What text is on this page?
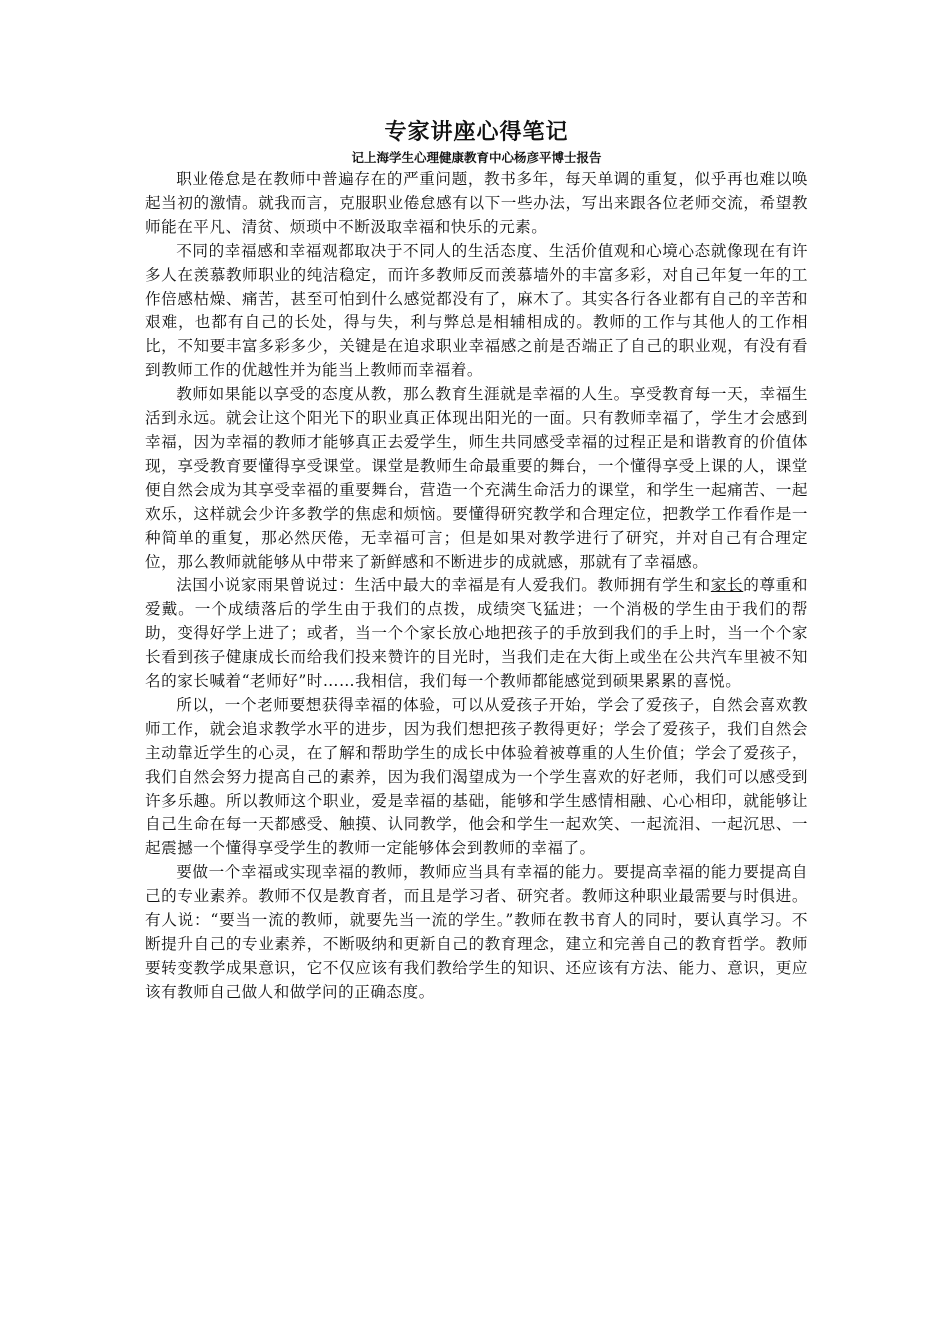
专家讲座心得笔记

记上海学生心理健康教育中心杨彦平博士报告

职业倦怠是在教师中普遍存在的严重问题，教书多年，每天单调的重复，似乎再也难以唤起当初的激情。就我而言，克服职业倦怠感有以下一些办法，写出来跟各位老师交流，希望教师能在平凡、清贫、烦琐中不断汲取幸福和快乐的元素。

不同的幸福感和幸福观都取决于不同人的生活态度、生活价值观和心境心态就像现在有许多人在羡慕教师职业的纯洁稳定，而许多教师反而羡慕墙外的丰富多彩，对自己年复一年的工作倍感枯燥、痛苦，甚至可怕到什么感觉都没有了，麻木了。其实各行各业都有自己的辛苦和艰难，也都有自己的长处，得与失，利与弊总是相辅相成的。教师的工作与其他人的工作相比，不知要丰富多彩多少，关键是在追求职业幸福感之前是否端正了自己的职业观，有没有看到教师工作的优越性并为能当上教师而幸福着。

教师如果能以享受的态度从教，那么教育生涯就是幸福的人生。享受教育每一天，幸福生活到永远。就会让这个阳光下的职业真正体现出阳光的一面。只有教师幸福了，学生才会感到幸福，因为幸福的教师才能够真正去爱学生，师生共同感受幸福的过程正是和谐教育的价值体现，享受教育要懂得享受课堂。课堂是教师生命最重要的舞台，一个懂得享受上课的人，课堂便自然会成为其享受幸福的重要舞台，营造一个充满生命活力的课堂，和学生一起痛苦、一起欢乐，这样就会少许多教学的焦虑和烦恼。要懂得研究教学和合理定位，把教学工作看作是一种简单的重复，那必然厌倦，无幸福可言；但是如果对教学进行了研究，并对自己有合理定位，那么教师就能够从中带来了新鲜感和不断进步的成就感，那就有了幸福感。

法国小说家雨果曾说过：生活中最大的幸福是有人爱我们。教师拥有学生和家长的尊重和爱戴。一个成绩落后的学生由于我们的点拨，成绩突飞猛进；一个消极的学生由于我们的帮助，变得好学上进了；或者，当一个个家长放心地把孩子的手放到我们的手上时，当一个个家长看到孩子健康成长而给我们投来赞许的目光时，当我们走在大街上或坐在公共汽车里被不知名的家长喊着“老师好”时……我相信，我们每一个教师都能感觉到硕果累累的喜悦。

所以，一个老师要想获得幸福的体验，可以从爱孩子开始，学会了爱孩子，自然会喜欢教师工作，就会追求教学水平的进步，因为我们想把孩子教得更好；学会了爱孩子，我们自然会主动靠近学生的心灵，在了解和帮助学生的成长中体验着被尊重的人生价值；学会了爱孩子，我们自然会努力提高自己的素养，因为我们渴望成为一个学生喜欢的好老师，我们可以感受到许多乐趣。所以教师这个职业，爱是幸福的基础，能够和学生感情相融、心心相印，就能够让自己生命在每一天都感受、触摸、认同教学，他会和学生一起欢笑、一起流泪、一起沉思、一起震撼一个懂得享受学生的教师一定能够体会到教师的幸福了。

要做一个幸福或实现幸福的教师，教师应当具有幸福的能力。要提高幸福的能力要提高自己的专业素养。教师不仅是教育者，而且是学习者、研究者。教师这种职业最需要与时俱进。有人说：“要当一流的教师，就要先当一流的学生。”教师在教书育人的同时，要认真学习。不断提升自己的专业素养，不断吸纳和更新自己的教育理念，建立和完善自己的教育哲学。教师要转变教学成果意识，它不仅应该有我们教给学生的知识、还应该有方法、能力、意识，更应该有教师自己做人和做学问的正确态度。
